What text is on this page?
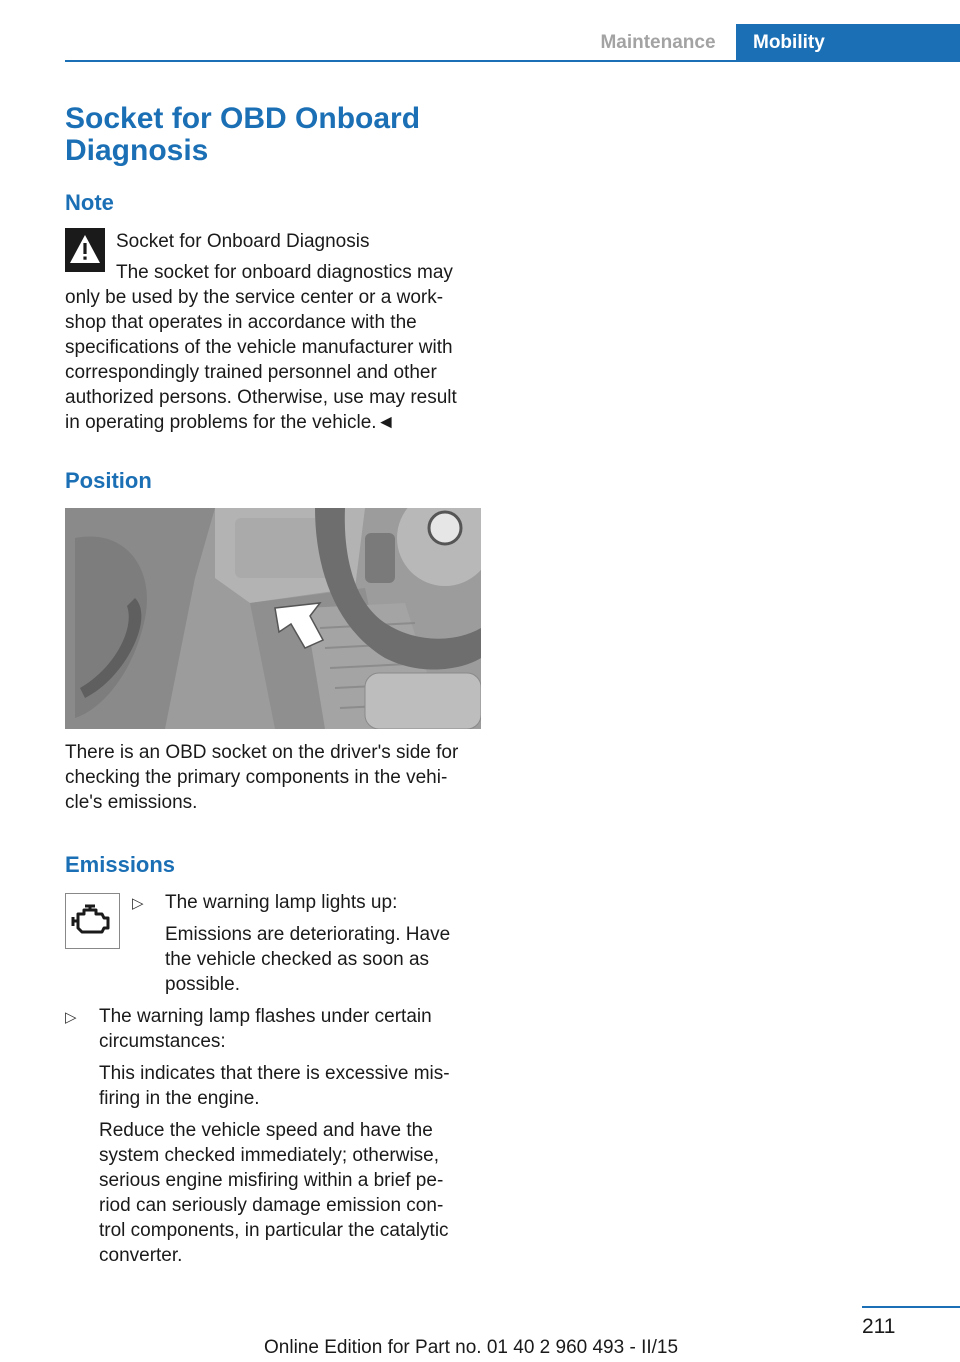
Maintenance	Mobility
Socket for OBD Onboard Diagnosis
Note

Socket for Onboard Diagnosis

The socket for onboard diagnostics may

only be used by the service center or a work-

shop that operates in accordance with the

specifications of the vehicle manufacturer with

correspondingly trained personnel and other

authorized persons. Otherwise, use may result

in operating problems for the vehicle.◄

Position

There is an OBD socket on the driver's side for

checking the primary components in the vehi-

cle's emissions.

Emissions
▷ The warning lamp lights up:

Emissions are deteriorating. Have

the vehicle checked as soon as

possible.

▷ The warning lamp flashes under certain

circumstances:

This indicates that there is excessive mis-

firing in the engine.

Reduce the vehicle speed and have the

system checked immediately; otherwise,

serious engine misfiring within a brief pe-

riod can seriously damage emission con-

trol components, in particular the catalytic

converter.

211
Online Edition for Part no. 01 40 2 960 493 - II/15
